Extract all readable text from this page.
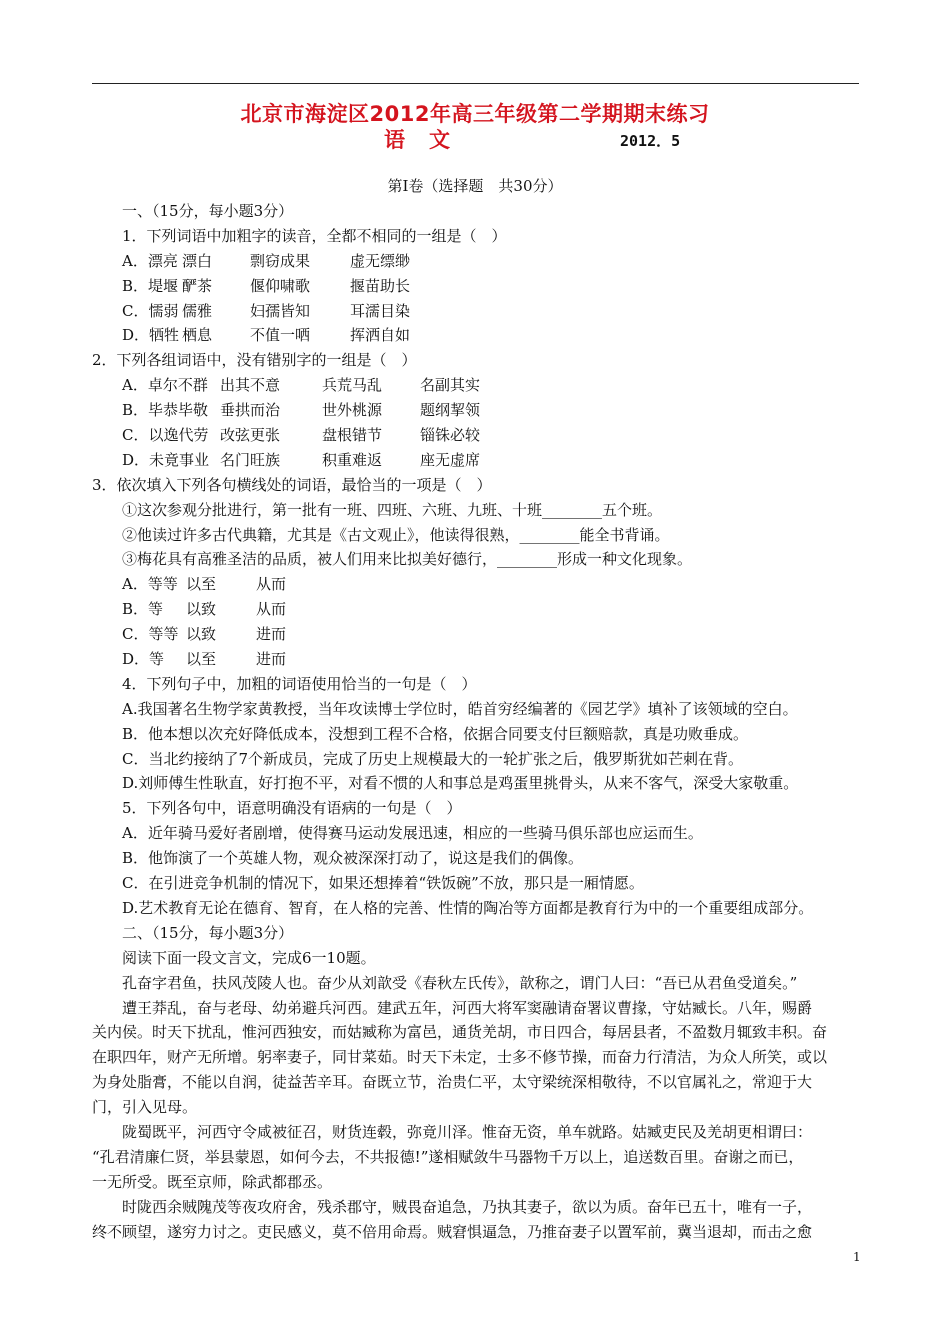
北京市海淀区2012年高三年级第二学期期末练习
语文	2012．5
第Ⅰ卷（选择题　共30分）
一、（15分，每小题3分）
1．下列词语中加粗字的读音，全都不相同的一组是（　）
A．漂亮 漂白	剽窃成果	虚无缥缈
B．堤堰 酽茶	偃仰啸歌	揠苗助长
C．懦弱 儒雅	妇孺皆知	耳濡目染
D．牺牲 栖息	不值一哂	挥洒自如
2．下列各组词语中，没有错别字的一组是（　）
A．卓尔不群 出其不意	兵荒马乱	名副其实
B．毕恭毕敬 垂拱而治	世外桃源	题纲挈领
C．以逸代劳 改弦更张	盘根错节	锱铢必较
D．未竟事业 名门旺族	积重难返	座无虚席
3．依次填入下列各句横线处的词语，最恰当的一项是（　）
①这次参观分批进行，第一批有一班、四班、六班、九班、十班________五个班。
②他读过许多古代典籍，尤其是《古文观止》，他读得很熟，________能全书背诵。
③梅花具有高雅圣洁的品质，被人们用来比拟美好德行，________形成一种文化现象。
A．等等 以至	从而
B．等 以致	从而
C．等等 以致	进而
D．等 以至	进而
4．下列句子中，加粗的词语使用恰当的一句是（　）
A.我国著名生物学家黄教授，当年攻读博士学位时，皓首穷经编著的《园艺学》填补了该领域的空白。
B．他本想以次充好降低成本，没想到工程不合格，依据合同要支付巨额赔款，真是功败垂成。
C．当北约接纳了7个新成员，完成了历史上规模最大的一轮扩张之后，俄罗斯犹如芒刺在背。
D.刘师傅生性耿直，好打抱不平，对看不惯的人和事总是鸡蛋里挑骨头，从来不客气，深受大家敬重。
5．下列各句中，语意明确没有语病的一句是（　）
A．近年骑马爱好者剧增，使得赛马运动发展迅速，相应的一些骑马俱乐部也应运而生。
B．他饰演了一个英雄人物，观众被深深打动了，说这是我们的偶像。
C．在引进竞争机制的情况下，如果还想捧着“铁饭碗”不放，那只是一厢情愿。
D.艺术教育无论在德育、智育，在人格的完善、性情的陶冶等方面都是教育行为中的一个重要组成部分。
二、（15分，每小题3分）
阅读下面一段文言文，完成6一10题。
孔奋字君鱼，扶风茂陵人也。奋少从刘歆受《春秋左氏传》，歆称之，谓门人曰：“吾已从君鱼受道矣。”
遭王莽乱，奋与老母、幼弟避兵河西。建武五年，河西大将军窦融请奋署议曹掾，守姑臧长。八年，赐爵
关内侯。时天下扰乱，惟河西独安，而姑臧称为富邑，通货羌胡，市日四合，每居县者，不盈数月辄致丰积。奋
在职四年，财产无所增。躬率妻子，同甘菜茹。时天下未定，士多不修节操，而奋力行清洁，为众人所笑，或以
为身处脂膏，不能以自润，徒益苦辛耳。奋既立节，治贵仁平，太守梁统深相敬待，不以官属礼之，常迎于大
门，引入见母。
陇蜀既平，河西守令咸被征召，财货连毂，弥竟川泽。惟奋无资，单车就路。姑臧吏民及羌胡更相谓曰：
“孔君清廉仁贤，举县蒙恩，如何今去，不共报德!”遂相赋敛牛马器物千万以上，追送数百里。奋谢之而已，
一无所受。既至京师，除武都郡丞。
时陇西余贼隗茂等夜攻府舍，残杀郡守，贼畏奋追急，乃执其妻子，欲以为质。奋年已五十，唯有一子，
终不顾望，遂穷力讨之。吏民感义，莫不倍用命焉。贼窘惧逼急，乃推奋妻子以置军前，冀当退却，而击之愈
1
